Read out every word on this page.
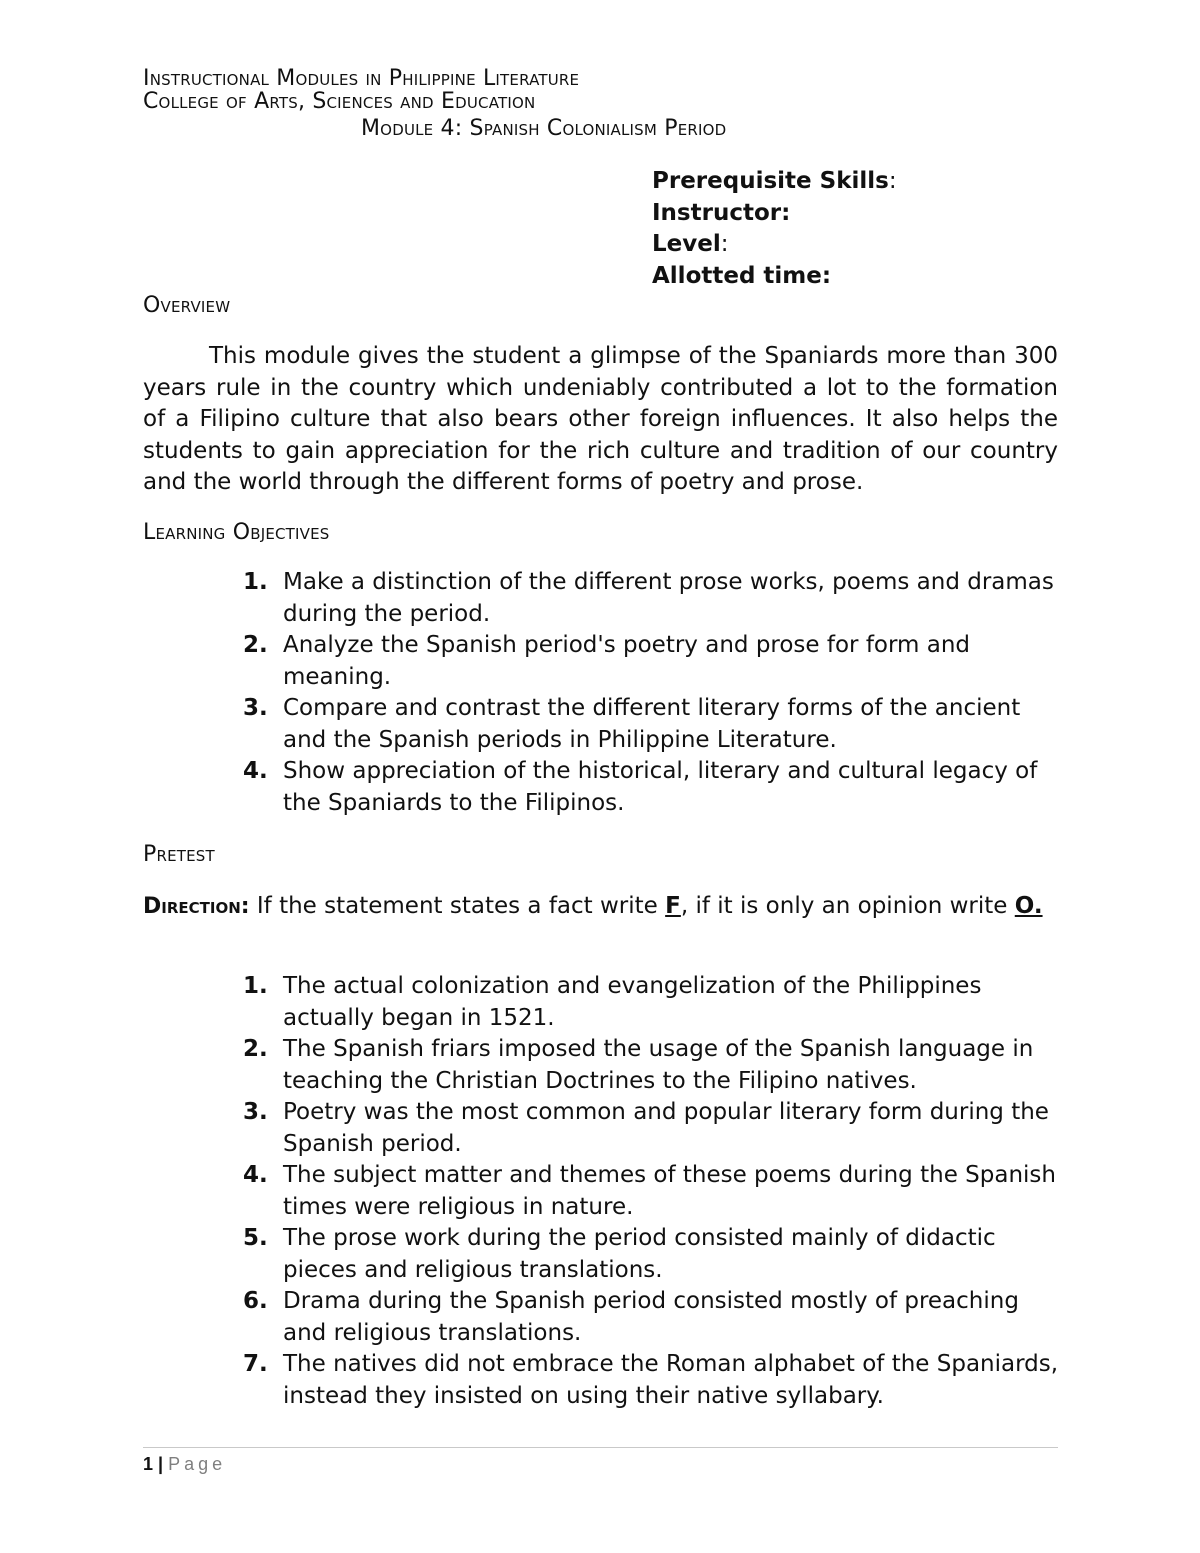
Instructional Modules in Philippine Literature

College of Arts, Sciences and Education

Module 4: Spanish Colonialism Period

Prerequisite Skills:
Instructor:
Level:
Allotted time:
Overview

This module gives the student a glimpse of the Spaniards more than 300 years rule in the country which undeniably contributed a lot to the formation of a Filipino culture that also bears other foreign influences. It also helps the students to gain appreciation for the rich culture and tradition of our country and the world through the different forms of poetry and prose.

Learning Objectives
1. Make a distinction of the different prose works, poems and dramas during the period.
2. Analyze the Spanish period's poetry and prose for form and meaning.
3. Compare and contrast the different literary forms of the ancient and the Spanish periods in Philippine Literature.
4. Show appreciation of the historical, literary and cultural legacy of the Spaniards to the Filipinos.
Pretest

Direction: If the statement states a fact write F, if it is only an opinion write O.

1. The actual colonization and evangelization of the Philippines actually began in 1521.
2. The Spanish friars imposed the usage of the Spanish language in teaching the Christian Doctrines to the Filipino natives.
3. Poetry was the most common and popular literary form during the Spanish period.
4. The subject matter and themes of these poems during the Spanish times were religious in nature.
5. The prose work during the period consisted mainly of didactic pieces and religious translations.
6. Drama during the Spanish period consisted mostly of preaching and religious translations.
7. The natives did not embrace the Roman alphabet of the Spaniards, instead they insisted on using their native syllabary.
1 | Page
